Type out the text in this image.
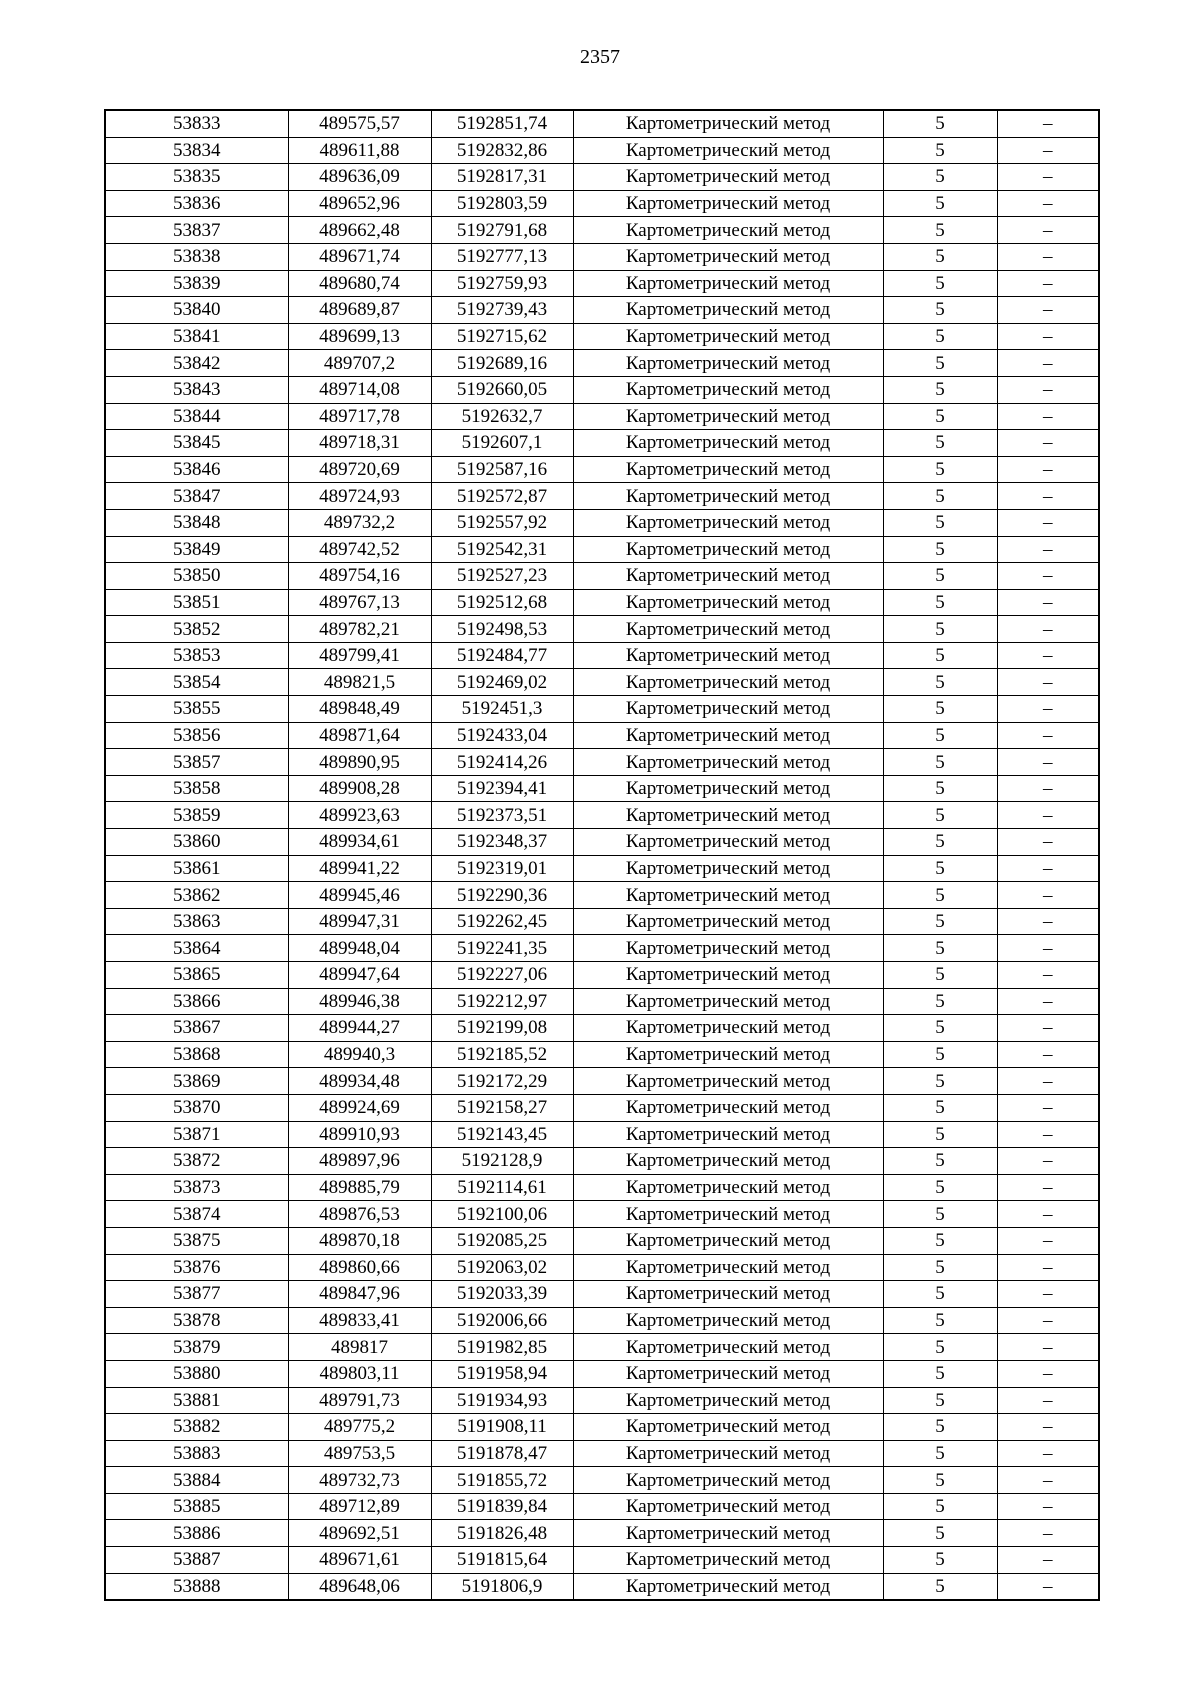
2357
53833	489575,57	5192851,74	Картометрический метод	5	–
53834	489611,88	5192832,86	Картометрический метод	5	–
53835	489636,09	5192817,31	Картометрический метод	5	–
53836	489652,96	5192803,59	Картометрический метод	5	–
53837	489662,48	5192791,68	Картометрический метод	5	–
53838	489671,74	5192777,13	Картометрический метод	5	–
53839	489680,74	5192759,93	Картометрический метод	5	–
53840	489689,87	5192739,43	Картометрический метод	5	–
53841	489699,13	5192715,62	Картометрический метод	5	–
53842	489707,2	5192689,16	Картометрический метод	5	–
53843	489714,08	5192660,05	Картометрический метод	5	–
53844	489717,78	5192632,7	Картометрический метод	5	–
53845	489718,31	5192607,1	Картометрический метод	5	–
53846	489720,69	5192587,16	Картометрический метод	5	–
53847	489724,93	5192572,87	Картометрический метод	5	–
53848	489732,2	5192557,92	Картометрический метод	5	–
53849	489742,52	5192542,31	Картометрический метод	5	–
53850	489754,16	5192527,23	Картометрический метод	5	–
53851	489767,13	5192512,68	Картометрический метод	5	–
53852	489782,21	5192498,53	Картометрический метод	5	–
53853	489799,41	5192484,77	Картометрический метод	5	–
53854	489821,5	5192469,02	Картометрический метод	5	–
53855	489848,49	5192451,3	Картометрический метод	5	–
53856	489871,64	5192433,04	Картометрический метод	5	–
53857	489890,95	5192414,26	Картометрический метод	5	–
53858	489908,28	5192394,41	Картометрический метод	5	–
53859	489923,63	5192373,51	Картометрический метод	5	–
53860	489934,61	5192348,37	Картометрический метод	5	–
53861	489941,22	5192319,01	Картометрический метод	5	–
53862	489945,46	5192290,36	Картометрический метод	5	–
53863	489947,31	5192262,45	Картометрический метод	5	–
53864	489948,04	5192241,35	Картометрический метод	5	–
53865	489947,64	5192227,06	Картометрический метод	5	–
53866	489946,38	5192212,97	Картометрический метод	5	–
53867	489944,27	5192199,08	Картометрический метод	5	–
53868	489940,3	5192185,52	Картометрический метод	5	–
53869	489934,48	5192172,29	Картометрический метод	5	–
53870	489924,69	5192158,27	Картометрический метод	5	–
53871	489910,93	5192143,45	Картометрический метод	5	–
53872	489897,96	5192128,9	Картометрический метод	5	–
53873	489885,79	5192114,61	Картометрический метод	5	–
53874	489876,53	5192100,06	Картометрический метод	5	–
53875	489870,18	5192085,25	Картометрический метод	5	–
53876	489860,66	5192063,02	Картометрический метод	5	–
53877	489847,96	5192033,39	Картометрический метод	5	–
53878	489833,41	5192006,66	Картометрический метод	5	–
53879	489817	5191982,85	Картометрический метод	5	–
53880	489803,11	5191958,94	Картометрический метод	5	–
53881	489791,73	5191934,93	Картометрический метод	5	–
53882	489775,2	5191908,11	Картометрический метод	5	–
53883	489753,5	5191878,47	Картометрический метод	5	–
53884	489732,73	5191855,72	Картометрический метод	5	–
53885	489712,89	5191839,84	Картометрический метод	5	–
53886	489692,51	5191826,48	Картометрический метод	5	–
53887	489671,61	5191815,64	Картометрический метод	5	–
53888	489648,06	5191806,9	Картометрический метод	5	–
